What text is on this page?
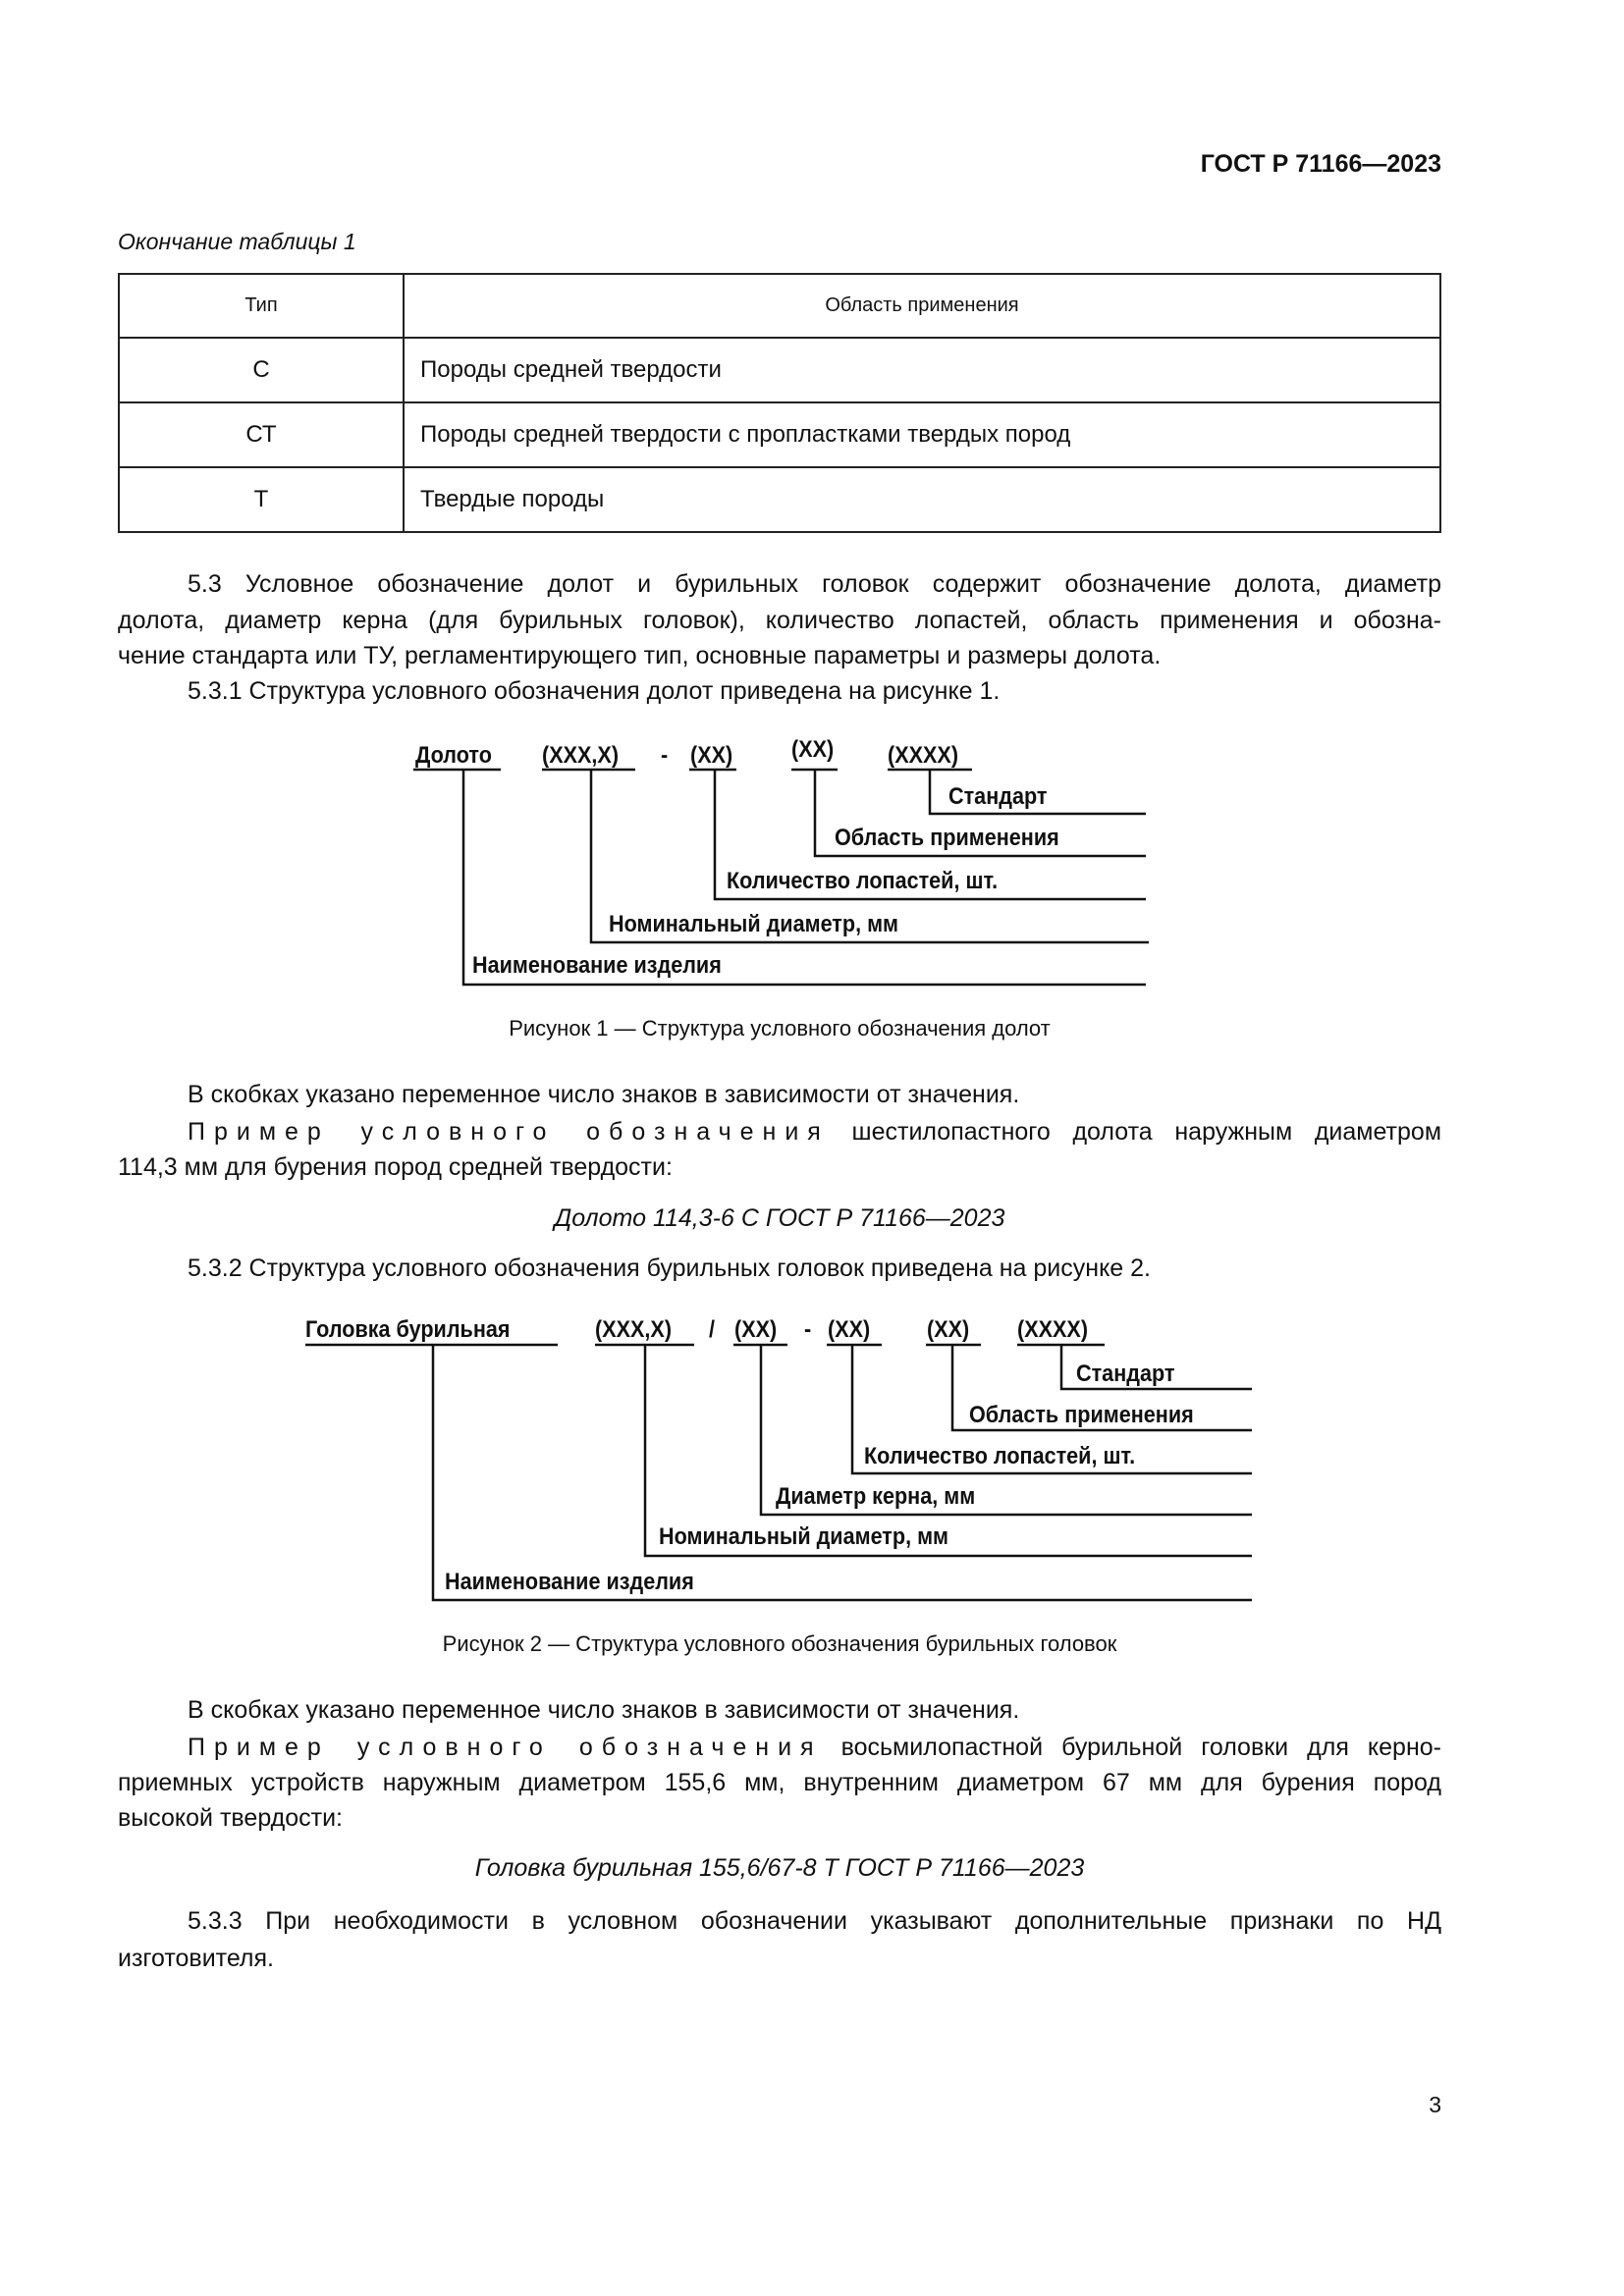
ГОСТ Р 71166—2023
Окончание таблицы 1
Тип	Область применения
С	Породы средней твердости
СТ	Породы средней твердости с пропластками твердых пород
Т	Твердые породы
5.3 Условное обозначение долот и бурильных головок содержит обозначение долота, диаметр
долота, диаметр керна (для бурильных головок), количество лопастей, область применения и обозна-
чение стандарта или ТУ, регламентирующего тип, основные параметры и размеры долота.
5.3.1 Структура условного обозначения долот приведена на рисунке 1.
Долото (XXX,X) - (XX) (XX) (XXXX)
Стандарт
Область применения
Количество лопастей, шт.
Номинальный диаметр, мм
Наименование изделия
Рисунок 1 — Структура условного обозначения долот
В скобках указано переменное число знаков в зависимости от значения.
Пример условного обозначения шестилопастного долота наружным диаметром
114,3 мм для бурения пород средней твердости:
Долото 114,3-6 С ГОСТ Р 71166—2023
5.3.2 Структура условного обозначения бурильных головок приведена на рисунке 2.
Головка бурильная	(XXX,X) / (XX) - (XX) (XX) (XXXX)
Стандарт
Область применения
Количество лопастей, шт.
Диаметр керна, мм
Номинальный диаметр, мм
Наименование изделия
Рисунок 2 — Структура условного обозначения бурильных головок
В скобках указано переменное число знаков в зависимости от значения.
Пример условного обозначения восьмилопастной бурильной головки для керно-
приемных устройств наружным диаметром 155,6 мм, внутренним диаметром 67 мм для бурения пород
высокой твердости:
Головка бурильная 155,6/67-8 Т ГОСТ Р 71166—2023
5.3.3 При необходимости в условном обозначении указывают дополнительные признаки по НД
изготовителя.
3
